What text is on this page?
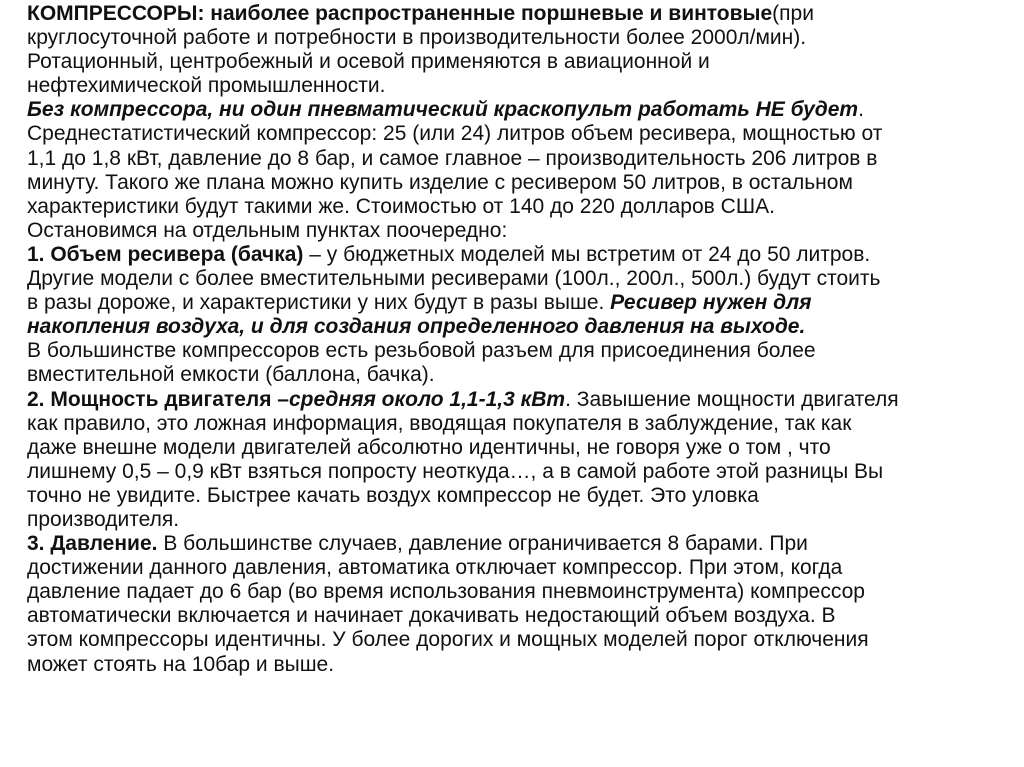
КОМПРЕССОРЫ: наиболее распространенные поршневые и винтовые(при
круглосуточной работе и потребности в производительности более 2000л/мин).
Ротационный, центробежный и осевой применяются в авиационной и
нефтехимической промышленности.
Без компрессора, ни один пневматический краскопульт работать НЕ будет.
Среднестатистический компрессор: 25 (или 24) литров объем ресивера, мощностью от
1,1 до 1,8 кВт, давление до 8 бар, и самое главное – производительность 206 литров в
минуту. Такого же плана можно купить изделие с ресивером 50 литров, в остальном
характеристики будут такими же. Стоимостью от 140 до 220 долларов США.
Остановимся на отдельным пунктах поочередно:
1. Объем ресивера (бачка) – у бюджетных моделей мы встретим от 24 до 50 литров.
Другие модели с более вместительными ресиверами (100л., 200л., 500л.) будут стоить
в разы дороже, и характеристики у них будут в разы выше. Ресивер нужен для
накопления воздуха, и для создания определенного давления на выходе.
В большинстве компрессоров есть резьбовой разъем для присоединения более
вместительной емкости (баллона, бачка).
2. Мощность двигателя –средняя около 1,1-1,3 кВт. Завышение мощности двигателя
как правило, это ложная информация, вводящая покупателя в заблуждение, так как
даже внешне модели двигателей абсолютно идентичны, не говоря уже о том , что
лишнему 0,5 – 0,9 кВт взяться попросту неоткуда…, а в самой работе этой разницы Вы
точно не увидите. Быстрее качать воздух компрессор не будет. Это уловка
производителя.
3. Давление. В большинстве случаев, давление ограничивается 8 барами. При
достижении данного давления, автоматика отключает компрессор. При этом, когда
давление падает до 6 бар (во время использования пневмоинструмента) компрессор
автоматически включается и начинает докачивать недостающий объем воздуха. В
этом компрессоры идентичны. У более дорогих и мощных моделей порог отключения
может стоять на 10бар и выше.
